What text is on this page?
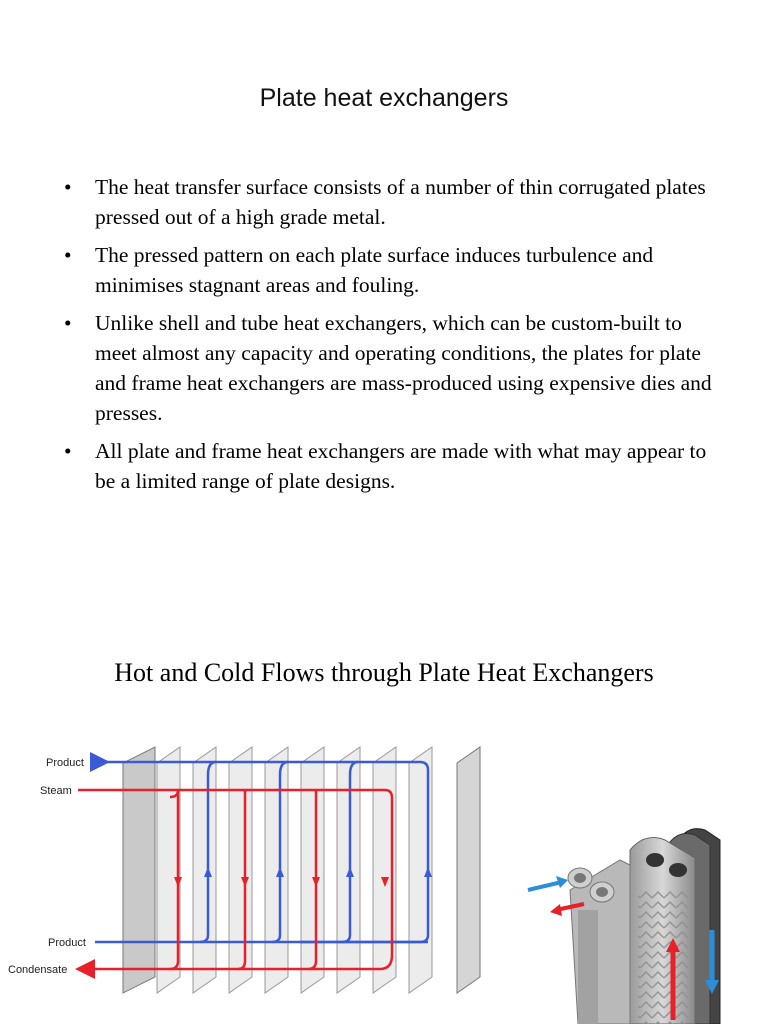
Plate heat exchangers
• The heat transfer surface consists of a number of thin corrugated plates pressed out of a high grade metal.
• The pressed pattern on each plate surface induces turbulence and minimises stagnant areas and fouling.
• Unlike shell and tube heat exchangers, which can be custom-built to meet almost any capacity and operating conditions, the plates for plate and frame heat exchangers are mass-produced using expensive dies and presses.
• All plate and frame heat exchangers are made with what may appear to be a limited range of plate designs.
Hot and Cold Flows through Plate Heat Exchangers
Product
Steam
Product
Condensate
